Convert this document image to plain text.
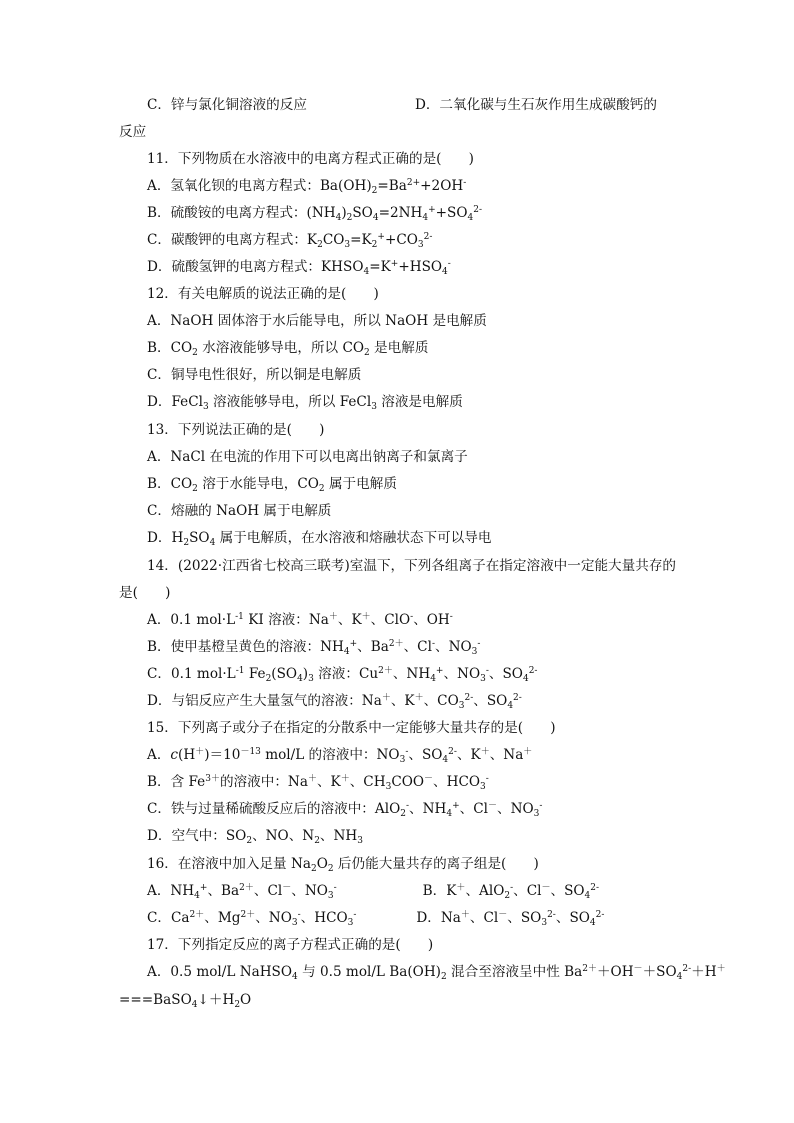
C．锌与氯化铜溶液的反应	D．二氧化碳与生石灰作用生成碳酸钙的
反应
11．下列物质在水溶液中的电离方程式正确的是(　　)
A．氢氧化钡的电离方程式：$Ba(OH)_2=Ba^{2+}+2OH^-$
B．硫酸铵的电离方程式：$(NH_4)_2SO_4=2NH_4^++SO_4^{2-}$
C．碳酸钾的电离方程式：$K_2CO_3=K_2^++CO_3^{2-}$
D．硫酸氢钾的电离方程式：$KHSO_4=K^++HSO_4^-$
12．有关电解质的说法正确的是(　　)
A．NaOH 固体溶于水后能导电，所以 NaOH 是电解质
B．$CO_2$ 水溶液能够导电，所以 $CO_2$ 是电解质
C．铜导电性很好，所以铜是电解质
D．FeCl$_3$ 溶液能够导电，所以 FeCl$_3$ 溶液是电解质
13．下列说法正确的是(　　)
A．NaCl 在电流的作用下可以电离出钠离子和氯离子
B．$CO_2$ 溶于水能导电，$CO_2$ 属于电解质
C．熔融的 NaOH 属于电解质
D．$H_2SO_4$ 属于电解质，在水溶液和熔融状态下可以导电
14．(2022·江西省七校高三联考)室温下，下列各组离子在指定溶液中一定能大量共存的
是(　　)
A．0.1 $mol\cdot L^{-1}$ KI 溶液：Na＋、K＋、ClO-、OH-
B．使甲基橙呈黄色的溶液：$NH_4^+$、$Ba^{2+}$、Cl-、$NO_3^-$
C．0.1 $mol\cdot L^{-1}$ $Fe_2(SO_4)_3$ 溶液：$Cu^{2+}$、$NH_4^+$、$NO_3^-$、$SO_4^{2-}$
D．与铝反应产生大量氢气的溶液：Na＋、K＋、$CO_3^{2-}$、$SO_4^{2-}$
15．下列离子或分子在指定的分散系中一定能够大量共存的是(　　)
A．$c(H^+)=10^{-13}$ mol/L 的溶液中：$NO_3^-$、$SO_4^{2-}$、K＋、Na＋
B．含 $Fe^{3+}$的溶液中：Na＋、K＋、$CH_3COO^-$、$HCO_3^-$
C．铁与过量稀硫酸反应后的溶液中：AlO$_2$-、$NH_4^+$、Cl－、$NO_3^-$
D．空气中：$SO_2$、NO、$N_2$、$NH_3$
16．在溶液中加入足量 $Na_2O_2$ 后仍能大量共存的离子组是(　　)
A．$NH_4^+$、$Ba^{2+}$、Cl－、$NO_3^-$	B．K＋、AlO$_2$-、Cl－、$SO_4^{2-}$
C．$Ca^{2+}$、$Mg^{2+}$、$NO_3^-$、$HCO_3^-$	D．Na＋、Cl－、$SO_3^{2-}$、$SO_4^{2-}$
17．下列指定反应的离子方程式正确的是(　　)
A．0.5 mol/L NaHSO$_4$ 与 0.5 mol/L $Ba(OH)_2$ 混合至溶液呈中性 $Ba^{2+}+OH^-+SO_4^{2-}+H^+$
$===BaSO_4↓+H_2O$
